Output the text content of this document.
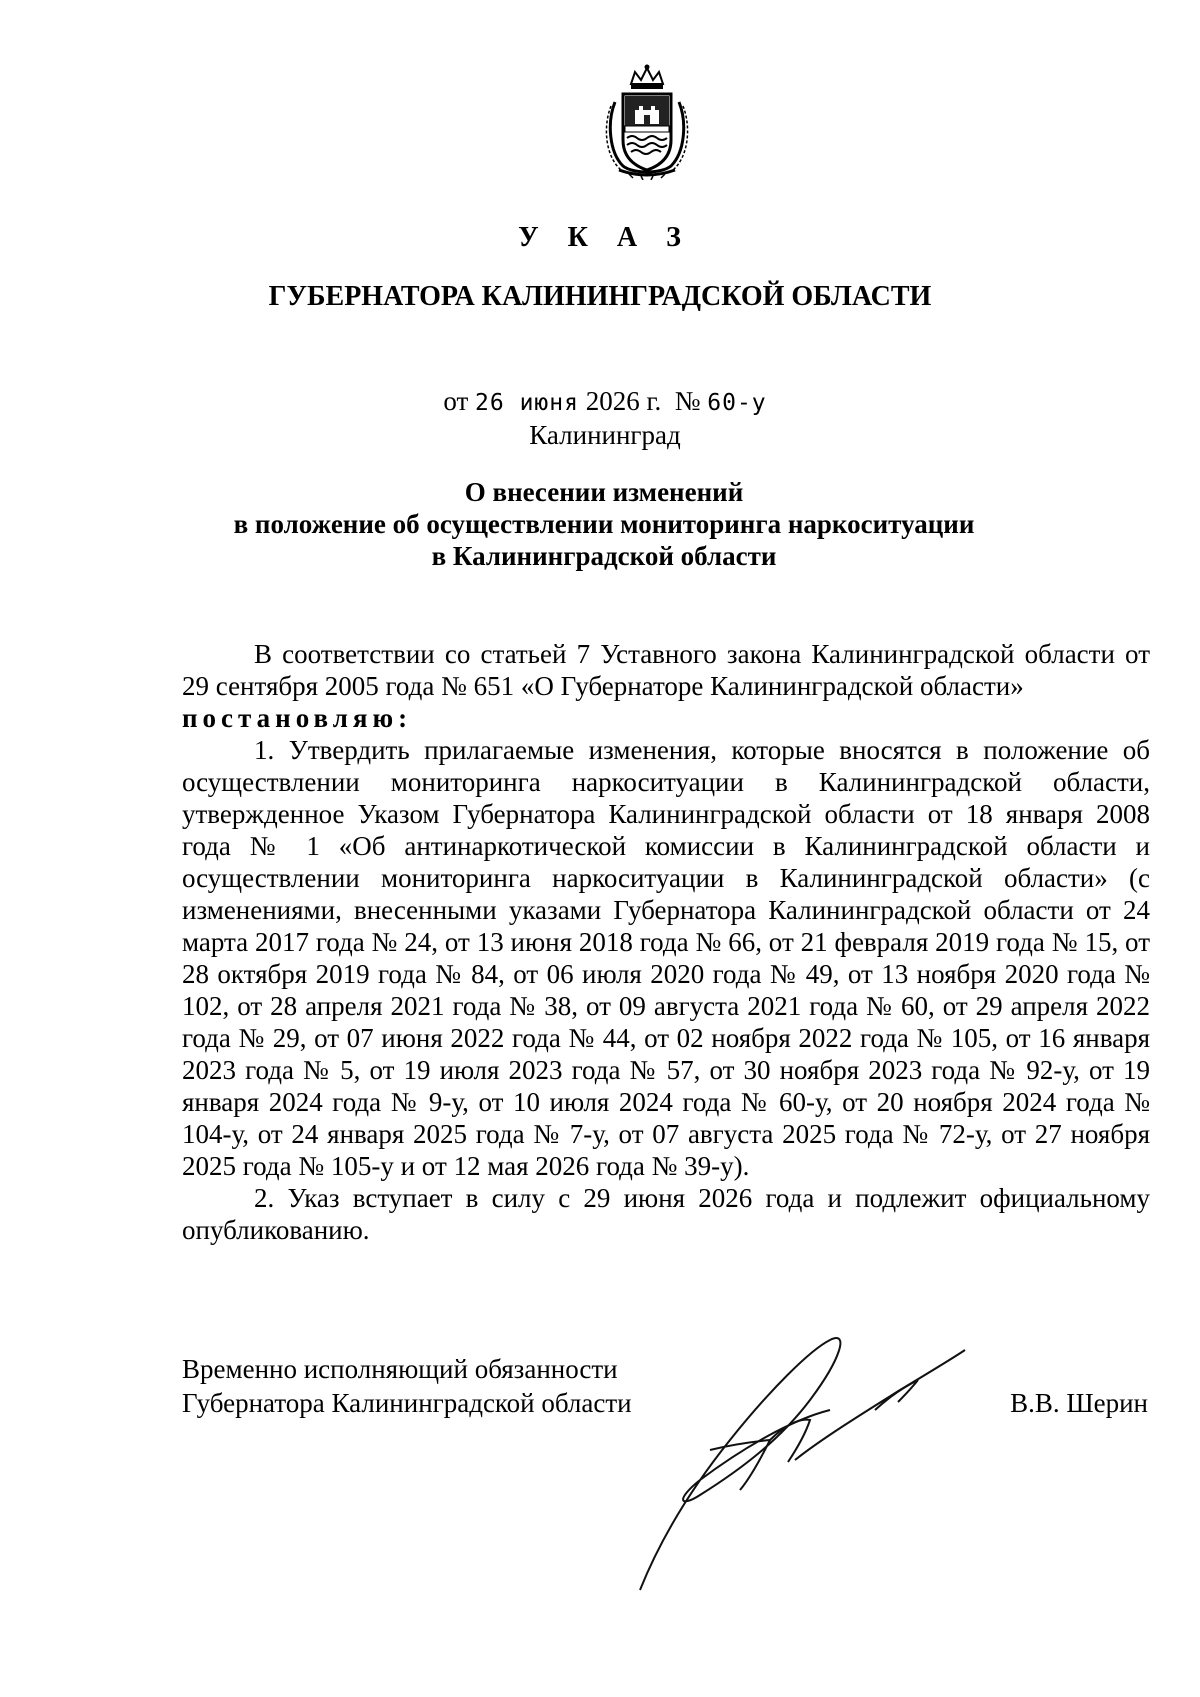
У К А З
ГУБЕРНАТОРА КАЛИНИНГРАДСКОЙ ОБЛАСТИ
от 26 июня 2026 г. № 60-у
Калининград
О внесении изменений
в положение об осуществлении мониторинга наркоситуации
в Калининградской области

В соответствии со статьей 7 Уставного закона Калининградской области от 29 сентября 2005 года № 651 «О Губернаторе Калининградской области»

постановляю:

1. Утвердить прилагаемые изменения, которые вносятся в положение об осуществлении мониторинга наркоситуации в Калининградской области, утвержденное Указом Губернатора Калининградской области от 18 января 2008 года № 1 «Об антинаркотической комиссии в Калининградской области и осуществлении мониторинга наркоситуации в Калининградской области» (с изменениями, внесенными указами Губернатора Калининградской области от 24 марта 2017 года № 24, от 13 июня 2018 года № 66, от 21 февраля 2019 года № 15, от 28 октября 2019 года № 84, от 06 июля 2020 года № 49, от 13 ноября 2020 года № 102, от 28 апреля 2021 года № 38, от 09 августа 2021 года № 60, от 29 апреля 2022 года № 29, от 07 июня 2022 года № 44, от 02 ноября 2022 года № 105, от 16 января 2023 года № 5, от 19 июля 2023 года № 57, от 30 ноября 2023 года № 92-у, от 19 января 2024 года № 9-у, от 10 июля 2024 года № 60-у, от 20 ноября 2024 года № 104-у, от 24 января 2025 года № 7-у, от 07 августа 2025 года № 72-у, от 27 ноября 2025 года № 105-у и от 12 мая 2026 года № 39-у).

2. Указ вступает в силу с 29 июня 2026 года и подлежит официальному опубликованию.

Временно исполняющий обязанности
Губернатора Калининградской области	В.В. Шерин
